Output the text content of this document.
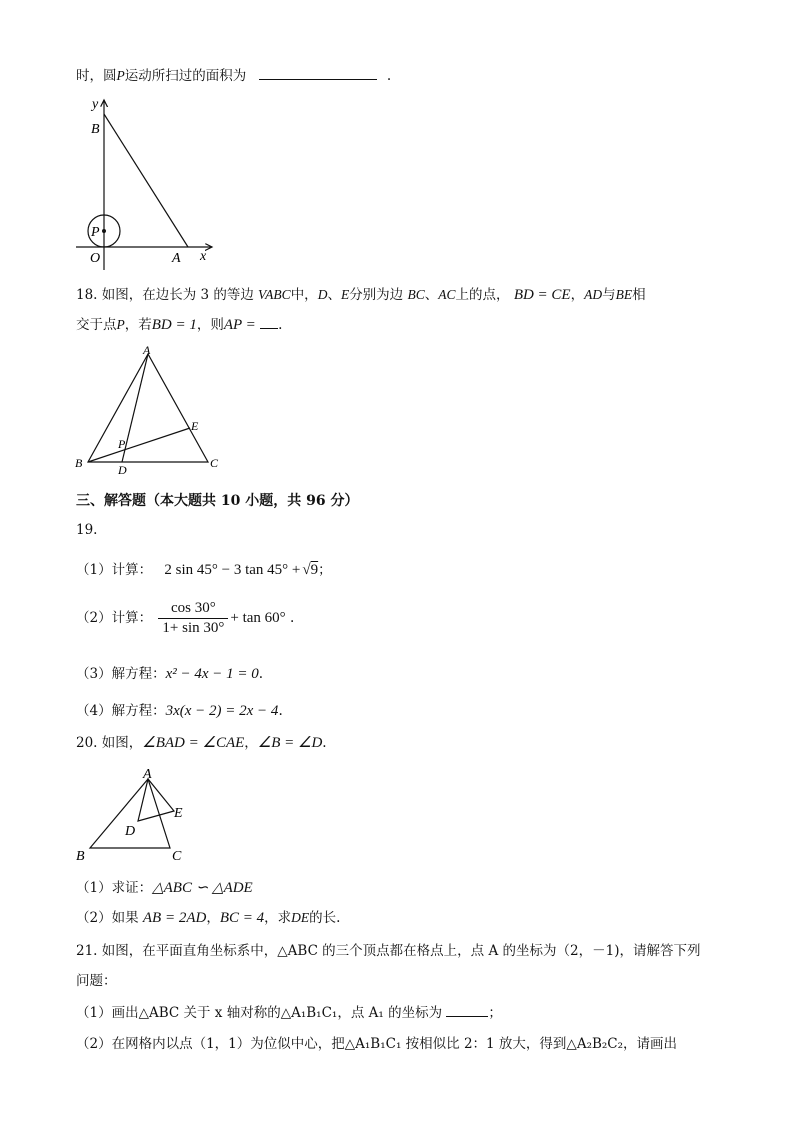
时，圆P运动所扫过的面积为	.
y
B
P
O	A x
18. 如图，在边长为 3 的等边 VABC中，D、E分别为边 BC、AC上的点， BD = CE，AD与BE相
交于点P，若BD = 1，则AP = .
A
B	C
D
E
P
三、解答题（本大题共 10 小题，共 96 分）
19.
（1）计算： 2 sin 45° − 3 tan 45° + √9；
（2）计算： $\frac{\cos 30^\circ}{1+ \sin 30^\circ} + \tan 60^\circ$ .
（3）解方程：x² − 4x − 1 = 0.
（4）解方程：3x(x − 2) = 2x − 4.
20. 如图，∠BAD = ∠CAE，∠B = ∠D.
A
B	C
D
E
（1）求证：△ABC ∽ △ADE
（2）如果 AB = 2AD，BC = 4，求DE的长.
21. 如图，在平面直角坐标系中，△ABC 的三个顶点都在格点上，点 A 的坐标为（2，－1)，请解答下列
问题：
（1）画出△ABC 关于 x 轴对称的△A₁B₁C₁，点 A₁ 的坐标为	；
（2）在网格内以点（1，1）为位似中心，把△A₁B₁C₁ 按相似比 2：1 放大，得到△A₂B₂C₂，请画出
